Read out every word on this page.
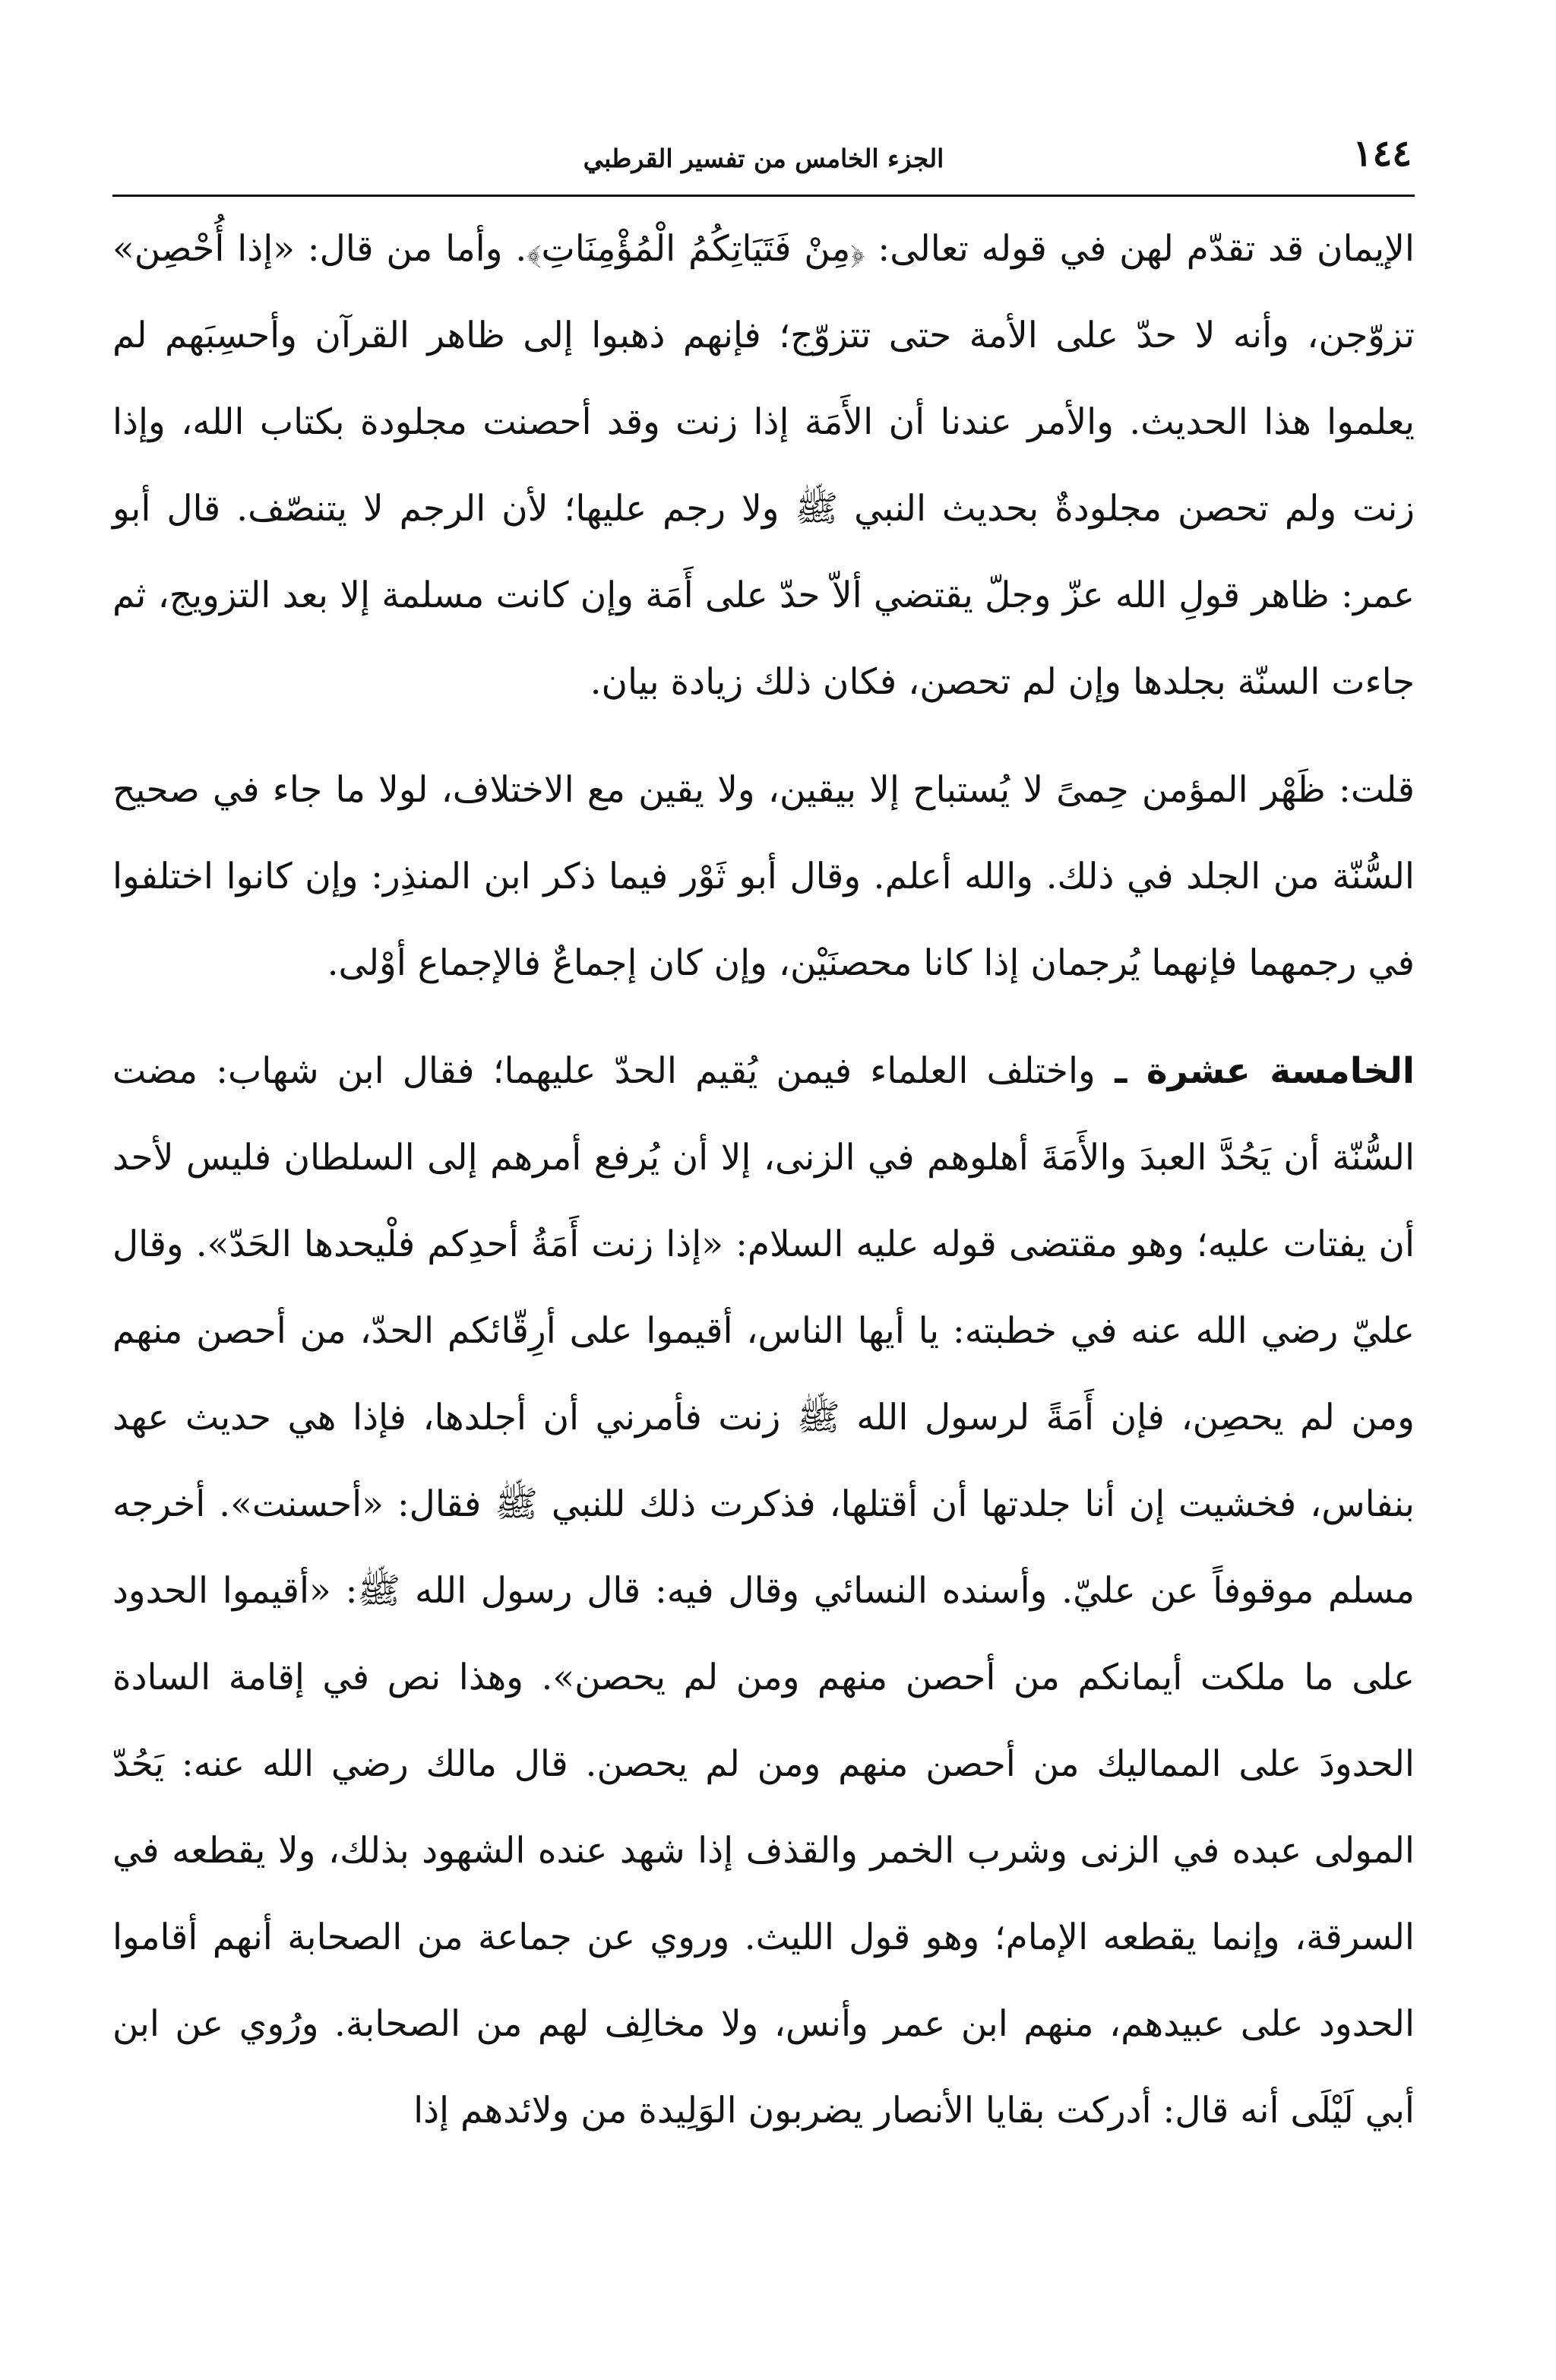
١٤٤
الجزء الخامس من تفسير القرطبي

الإيمان قد تقدّم لهن في قوله تعالى: ﴿مِنْ فَتَيَاتِكُمُ الْمُؤْمِنَاتِ﴾. وأما من قال: «إذا أُحْصِن» تزوّجن، وأنه لا حدّ على الأمة حتى تتزوّج؛ فإنهم ذهبوا إلى ظاهر القرآن وأحسِبَهم لم يعلموا هذا الحديث. والأمر عندنا أن الأَمَة إذا زنت وقد أحصنت مجلودة بكتاب الله، وإذا زنت ولم تحصن مجلودةٌ بحديث النبي ﷺ ولا رجم عليها؛ لأن الرجم لا يتنصّف. قال أبو عمر: ظاهر قولِ الله عزّ وجلّ يقتضي ألاّ حدّ على أَمَة وإن كانت مسلمة إلا بعد التزويج، ثم جاءت السنّة بجلدها وإن لم تحصن، فكان ذلك زيادة بيان.

قلت: ظَهْر المؤمن حِمىً لا يُستباح إلا بيقين، ولا يقين مع الاختلاف، لولا ما جاء في صحيح السُّنّة من الجلد في ذلك. والله أعلم. وقال أبو ثَوْر فيما ذكر ابن المنذِر: وإن كانوا اختلفوا في رجمهما فإنهما يُرجمان إذا كانا محصنَيْن، وإن كان إجماعٌ فالإجماع أوْلى.

الخامسة عشرة ـ واختلف العلماء فيمن يُقيم الحدّ عليهما؛ فقال ابن شهاب: مضت السُّنّة أن يَحُدَّ العبدَ والأَمَةَ أهلوهم في الزنى، إلا أن يُرفع أمرهم إلى السلطان فليس لأحد أن يفتات عليه؛ وهو مقتضى قوله عليه السلام: «إذا زنت أَمَةُ أحدِكم فلْيحدها الحَدّ». وقال عليّ رضي الله عنه في خطبته: يا أيها الناس، أقيموا على أرِقّائكم الحدّ، من أحصن منهم ومن لم يحصِن، فإن أَمَةً لرسول الله ﷺ زنت فأمرني أن أجلدها، فإذا هي حديث عهد بنفاس، فخشيت إن أنا جلدتها أن أقتلها، فذكرت ذلك للنبي ﷺ فقال: «أحسنت». أخرجه مسلم موقوفاً عن عليّ. وأسنده النسائي وقال فيه: قال رسول الله ﷺ: «أقيموا الحدود على ما ملكت أيمانكم من أحصن منهم ومن لم يحصن». وهذا نص في إقامة السادة الحدودَ على المماليك من أحصن منهم ومن لم يحصن. قال مالك رضي الله عنه: يَحُدّ المولى عبده في الزنى وشرب الخمر والقذف إذا شهد عنده الشهود بذلك، ولا يقطعه في السرقة، وإنما يقطعه الإمام؛ وهو قول الليث. وروي عن جماعة من الصحابة أنهم أقاموا الحدود على عبيدهم، منهم ابن عمر وأنس، ولا مخالِف لهم من الصحابة. ورُوي عن ابن أبي لَيْلَى أنه قال: أدركت بقايا الأنصار يضربون الوَلِيدة من ولائدهم إذا
